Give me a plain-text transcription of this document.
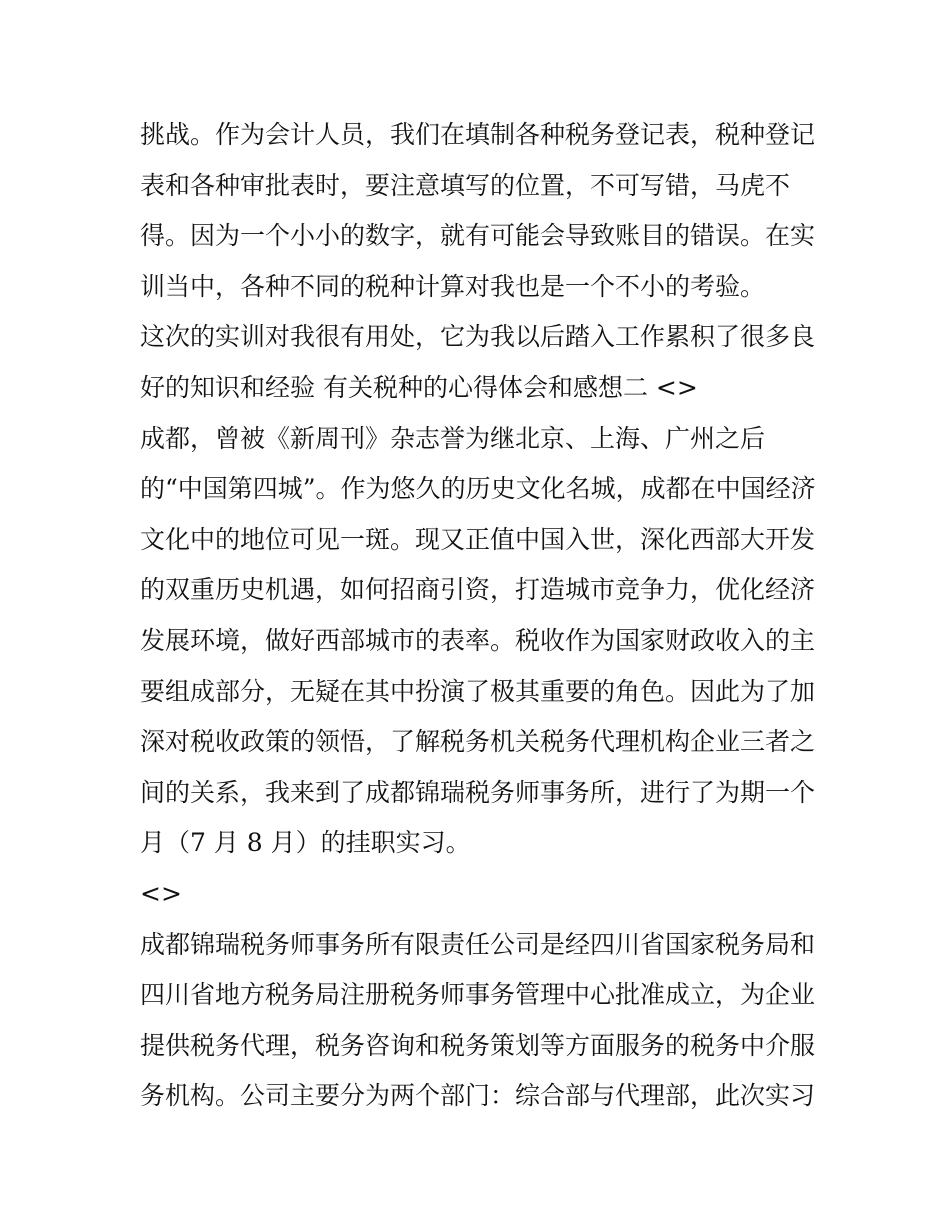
挑战。作为会计人员，我们在填制各种税务登记表，税种登记
表和各种审批表时，要注意填写的位置，不可写错，马虎不
得。因为一个小小的数字，就有可能会导致账目的错误。在实
训当中，各种不同的税种计算对我也是一个不小的考验。
这次的实训对我很有用处，它为我以后踏入工作累积了很多良
好的知识和经验 有关税种的心得体会和感想二 <>
成都，曾被《新周刊》杂志誉为继北京、上海、广州之后
的“中国第四城”。作为悠久的历史文化名城，成都在中国经济
文化中的地位可见一斑。现又正值中国入世，深化西部大开发
的双重历史机遇，如何招商引资，打造城市竞争力，优化经济
发展环境，做好西部城市的表率。税收作为国家财政收入的主
要组成部分，无疑在其中扮演了极其重要的角色。因此为了加
深对税收政策的领悟，了解税务机关税务代理机构企业三者之
间的关系，我来到了成都锦瑞税务师事务所，进行了为期一个
月（7 月 8 月）的挂职实习。
<>
成都锦瑞税务师事务所有限责任公司是经四川省国家税务局和
四川省地方税务局注册税务师事务管理中心批准成立，为企业
提供税务代理，税务咨询和税务策划等方面服务的税务中介服
务机构。公司主要分为两个部门：综合部与代理部，此次实习
